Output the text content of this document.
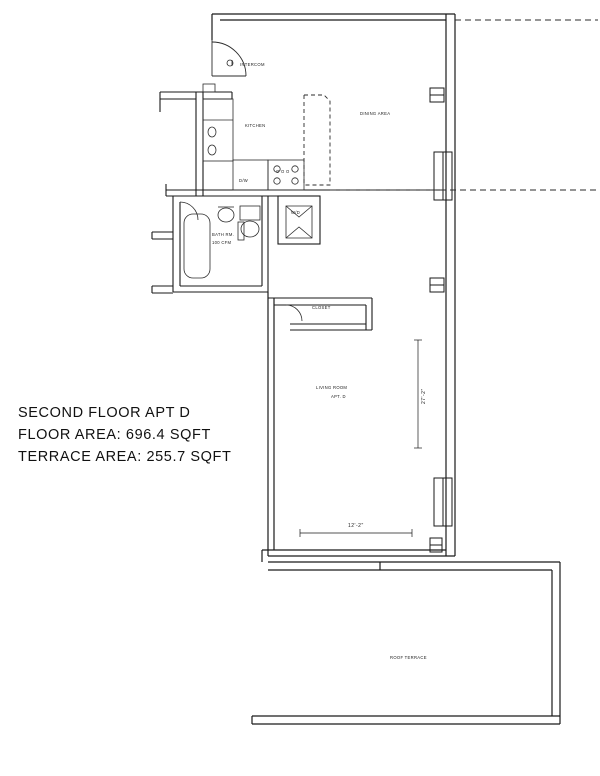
SECOND FLOOR APT D
FLOOR AREA: 696.4 SQFT
TERRACE AREA: 255.7 SQFT
INTERCOM
KITCHEN
DINING AREA
D/W
W/D
BATH RM.
100 CFM
CLOSET
LIVING ROOM
APT. D
ROOF TERRACE
O O O
12'-2"
27'-2"
